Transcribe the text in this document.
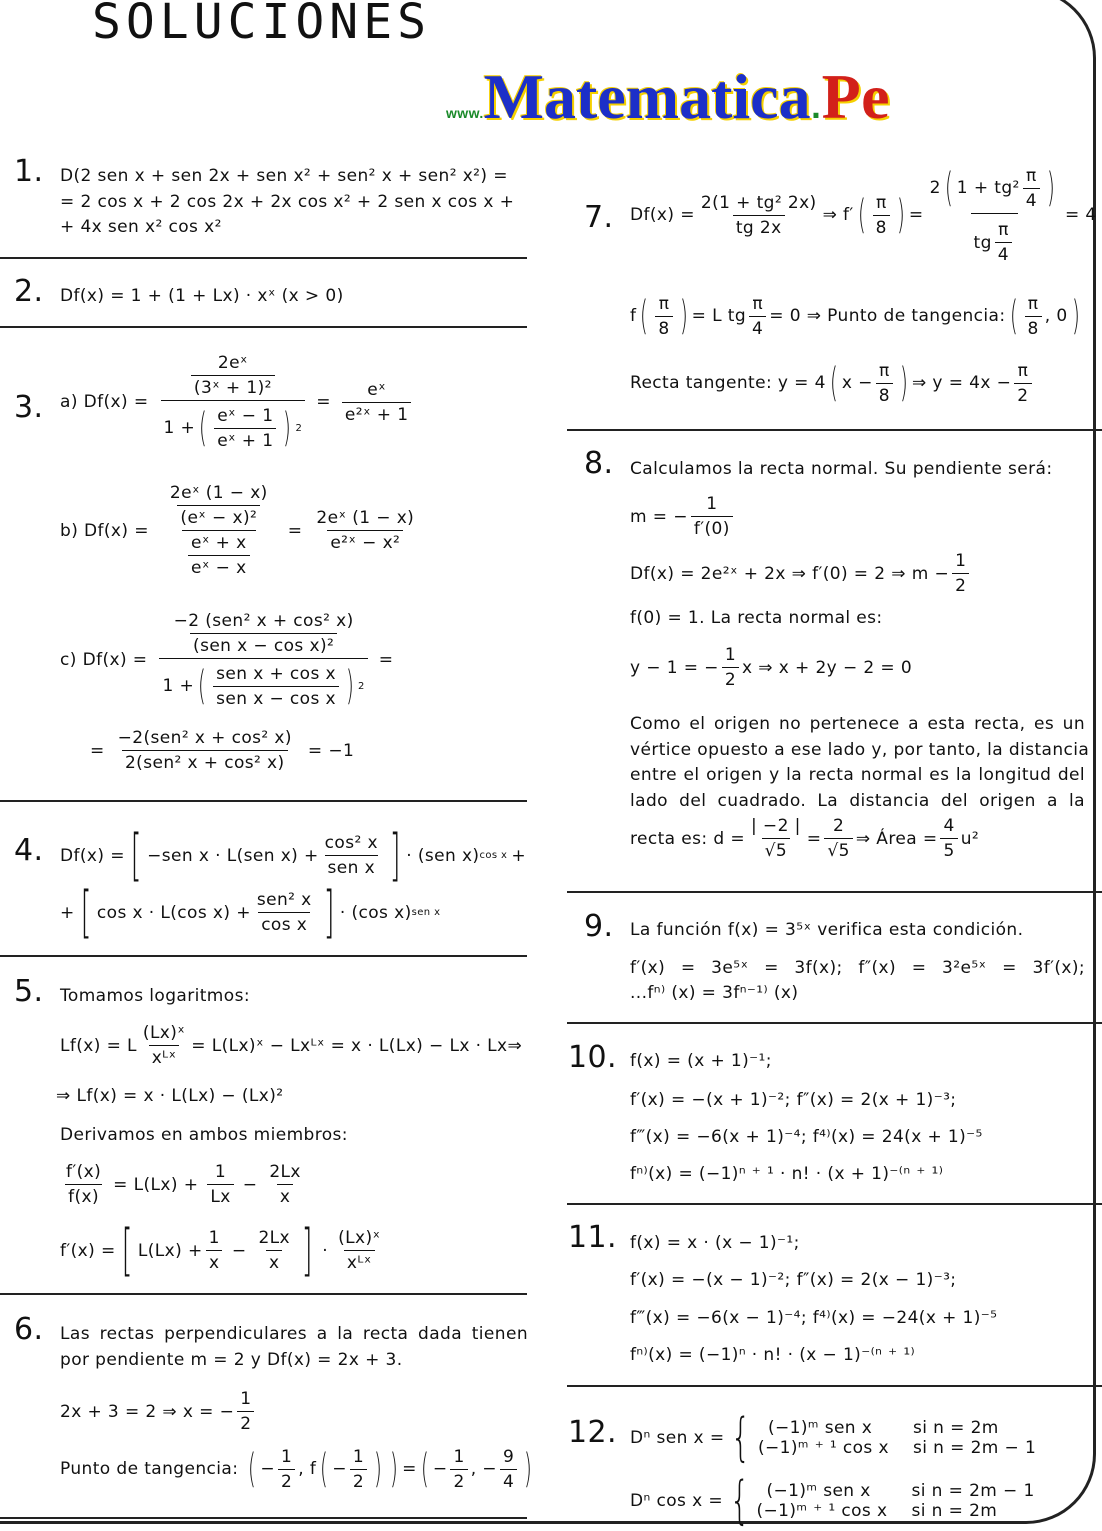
SOLUCIONES
www.Matematica.Pe
1.
2.
3.
4.
5.
6.
7.
8.
9.
10.
11.
12.
D(2 sen x + sen 2x + sen x² + sen² x + sen² x²) =
= 2 cos x + 2 cos 2x + 2x cos x² + 2 sen x cos x +
+ 4x sen x² cos x²
Df(x) = 1 + (1 + Lx) · xˣ (x > 0)
a) $Df(x) = \frac{\frac{\text{2eˣ}}{\text{(3ˣ + 1)²}}}{1 + ( \frac{\text{eˣ − 1}}{\text{eˣ + 1}} ) 2} = \frac{\text{eˣ}}{\text{e²ˣ + 1}}$
b) $Df(x) = \frac{\frac{\text{2eˣ (1 − x)}}{\text{(eˣ − x)²}}}{\frac{\text{eˣ + x}}{\text{eˣ − x}}} = \frac{\text{2eˣ (1 − x)}}{\text{e²ˣ − x²}}$
c) $Df(x) = \frac{\frac{\text{−2 (sen² x + cos² x)}}{\text{(sen x − cos x)²}}}{1 + ( \frac{\text{sen x + cos x}}{\text{sen x − cos x}} ) 2}$ =
= $\frac{\text{−2(sen² x + cos² x)}}{\text{2(sen² x + cos² x)}} = -1$
Df(x) = [ −sen x · L(sen $x) + \frac{\text{cos² x}}{\text{sen x}}$ ] · (sen x) cos x +
+ [ cos x · L(cos $x) + \frac{\text{sen² x}}{\text{cos x}}$ ] · (cos x) sen x
Tomamos logaritmos:
Lf(x) = L $\frac{\text{(Lx)ˣ}}{\text{xᴸˣ}}$ = L(Lx)ˣ − Lxᴸˣ = x · L(Lx) − Lx · Lx⇒
⇒ Lf(x) = x · L(Lx) − (Lx)²
Derivamos en ambos miembros:
$\frac{f'(x)}{f(x)} = L(Lx) + \frac{1}{Lx} - \frac{2Lx}{x}$
f′(x) = [ $L(Lx) + \frac{1}{x} - \frac{2Lx}{x}$ ] · $\frac{\text{(Lx)ˣ}}{\text{xᴸˣ}}$
Las rectas perpendiculares a la recta dada tienen
por pendiente m = 2 y Df(x) = 2x + 3.
2x + 3 = 2 ⇒ x = − $\frac{1}{2}$
Punto de tangencia: ( − $\frac{1}{2}$ , f ( − $\frac{1}{2}$ ) ) = ( − $\frac{1}{2}$ , − $\frac{9}{4}$ )
$Df(x) = \frac{\text{2(1 + tg² 2x)}}{tg 2x}$ ⇒ f′ ( $\frac{\pi}{8}$ ) = $\frac{2 ( 1 + tg^2 \frac{\pi}{4} )}{tg \frac{\pi}{4}} = 4$
f ( $\frac{\pi}{8}$ ) = L tg $\frac{\pi}{4} = 0$ ⇒ Punto de tangencia: ( $\frac{\pi}{8}$ , 0 )
Recta tangente: y = 4 ( $x - \frac{\pi}{8}$ ) ⇒ $y = 4x - \frac{\pi}{2}$
Calculamos la recta normal. Su pendiente será:
m = − $\frac{1}{f'(0)}$
Df(x) = 2e²ˣ + 2x ⇒ f′(0) = 2 ⇒ $m - \frac{1}{2}$
f(0) = 1. La recta normal es:
y − 1 = − $\frac{1}{2}$ x ⇒ x + 2y − 2 = 0
Como el origen no pertenece a esta recta, es un
vértice opuesto a ese lado y, por tanto, la distancia
entre el origen y la recta normal es la longitud del
lado del cuadrado. La distancia del origen a la
recta es: $d = \frac{| -2 |}{√5} = \frac{2}{√5}$ ⇒ Área = $\frac{4}{5} u^2$
La función f(x) = 3⁵ˣ verifica esta condición.
f′(x) = 3e⁵ˣ = 3f(x); f″(x) = 3²e⁵ˣ = 3f′(x);
...fⁿ⁾ (x) = 3fⁿ⁻¹⁾ (x)
f(x) = (x + 1)⁻¹;
f′(x) = −(x + 1)⁻²; f″(x) = 2(x + 1)⁻³;
f‴(x) = −6(x + 1)⁻⁴; f⁴⁾(x) = 24(x + 1)⁻⁵
fⁿ⁾(x) = (−1)ⁿ ⁺ ¹ · n! · (x + 1)⁻⁽ⁿ ⁺ ¹⁾
f(x) = x · (x − 1)⁻¹;
f′(x) = −(x − 1)⁻²; f″(x) = 2(x − 1)⁻³;
f‴(x) = −6(x − 1)⁻⁴; f⁴⁾(x) = −24(x + 1)⁻⁵
fⁿ⁾(x) = (−1)ⁿ · n! · (x − 1)⁻⁽ⁿ ⁺ ¹⁾
Dⁿ sen x = { (−1)ᵐ sen x
(−1)ᵐ ⁺ ¹ cos x
si n = 2m
si n = 2m − 1
Dⁿ cos x = { (−1)ᵐ sen x
(−1)ᵐ ⁺ ¹ cos x
si n = 2m − 1
si n = 2m
